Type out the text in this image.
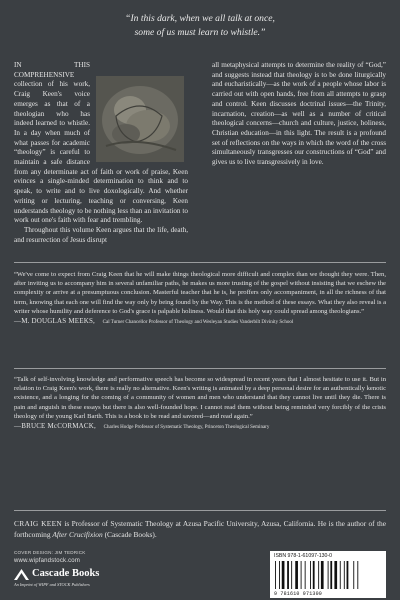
“In this dark, when we all talk at once,
some of us must learn to whistle.”

IN THIS COMPREHENSIVE collection of his work, Craig Keen's voice emerges as that of a theologian who has indeed learned to whistle. In a day when much of what passes for academic “theology” is careful to maintain a safe distance from any determinate act of faith or work of praise, Keen evinces a single-minded determination to think and to speak, to write and to live doxologically. And whether writing or lecturing, teaching or conversing, Keen understands theology to be nothing less than an invitation to work out one's faith with fear and trembling.

Throughout this volume Keen argues that the life, death, and resurrection of Jesus disrupt

all metaphysical attempts to determine the reality of “God,” and suggests instead that theology is to be done liturgically and eucharistically—as the work of a people whose labor is carried out with open hands, free from all attempts to grasp and control. Keen discusses doctrinal issues—the Trinity, incarnation, creation—as well as a number of critical theological concerns—church and culture, justice, holiness, Christian education—in this light. The result is a profound set of reflections on the ways in which the word of the cross simultaneously transgresses our constructions of “God” and gives us to live transgressively in love.

“We've come to expect from Craig Keen that he will make things theological more difficult and complex than we thought they were. Then, after inviting us to accompany him in several unfamiliar paths, he makes us more trusting of the gospel without insisting that we eschew the complexity or arrive at a presumptuous conclusion. Masterful teacher that he is, he proffers only accompaniment, in all the richness of that term, knowing that each one will find the way only by being found by the Way. This is the method of these essays. What they also reveal is a writer whose humility and deference to God's grace is palpable holiness. Would that this holy way could spread among theologians.”

—M. DOUGLAS MEEKS, Cal Turner Chancellor Professor of Theology and Wesleyan Studies Vanderbilt Divinity School

“Talk of self-involving knowledge and performative speech has become so widespread in recent years that I almost hesitate to use it. But in relation to Craig Keen's work, there is really no alternative. Keen's writing is animated by a deep personal desire for an authentically kenotic existence, and a longing for the coming of a community of women and men who understand that they cannot live until they die. There is pain and anguish in these essays but there is also well-founded hope. I cannot read them without being reminded very forcibly of the crisis theology of the young Karl Barth. This is a book to be read and savored—and read again.”

—BRUCE McCORMACK, Charles Hodge Professor of Systematic Theology, Princeton Theological Seminary
CRAIG KEEN is Professor of Systematic Theology at Azusa Pacific University, Azusa, California. He is the author of the forthcoming After Crucifixion (Cascade Books).
COVER DESIGN: JIM TEDRICK
www.wipfandstock.com
Cascade Books
An Imprint of WIPF and STOCK Publishers
ISBN 978-1-61097-130-0
9 781610 971300
